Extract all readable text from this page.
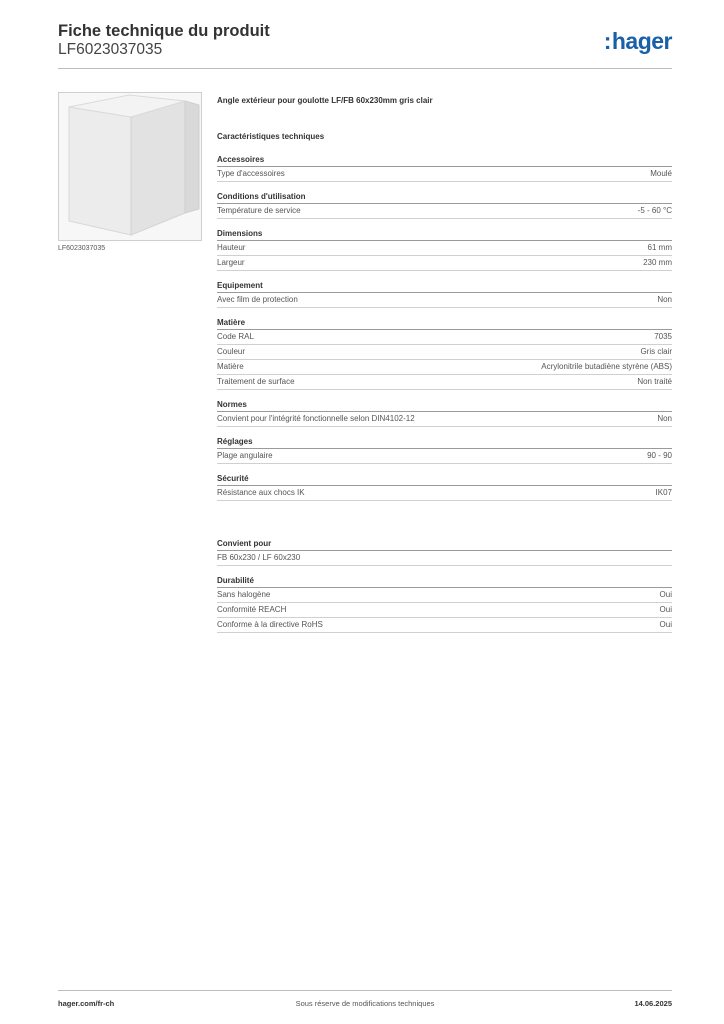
Fiche technique du produit
LF6023037035	:hager
LF6023037035
Angle extérieur pour goulotte LF/FB 60x230mm gris clair
Caractéristiques techniques
Accessoires
Type d'accessoires	Moulé
Conditions d'utilisation
Température de service	-5 - 60 °C
Dimensions
Hauteur	61 mm
Largeur	230 mm
Equipement
Avec film de protection	Non
Matière
Code RAL	7035
Couleur	Gris clair
Matière	Acrylonitrile butadiène styrène (ABS)
Traitement de surface	Non traité
Normes
Convient pour l'intégrité fonctionnelle selon DIN4102-12	Non
Réglages
Plage angulaire	90 - 90
Sécurité
Résistance aux chocs IK	IK07
Convient pour
FB 60x230 / LF 60x230
Durabilité
Sans halogène	Oui
Conformité REACH	Oui
Conforme à la directive RoHS	Oui
hager.com/fr-ch	Sous réserve de modifications techniques	14.06.2025
